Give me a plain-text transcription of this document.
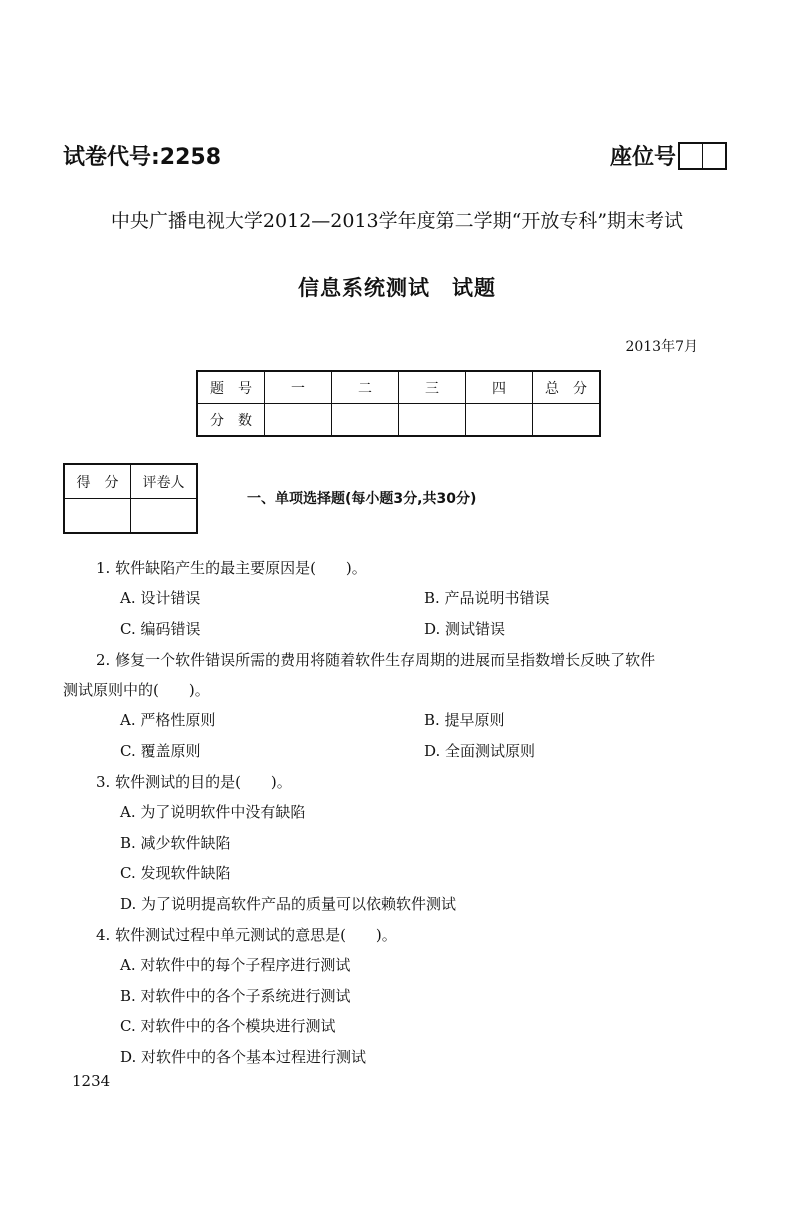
试卷代号:2258	座位号
中央广播电视大学2012—2013学年度第二学期“开放专科”期末考试
信息系统测试　试题
2013年7月
题　号	一	二	三	四	总　分
分　数					
得　分	评卷人

一、单项选择题(每小题3分,共30分)
1. 软件缺陷产生的最主要原因是(　　)。
A. 设计错误	B. 产品说明书错误
C. 编码错误	D. 测试错误
2. 修复一个软件错误所需的费用将随着软件生存周期的进展而呈指数增长反映了软件
测试原则中的(　　)。
A. 严格性原则	B. 提早原则
C. 覆盖原则	D. 全面测试原则
3. 软件测试的目的是(　　)。
A. 为了说明软件中没有缺陷
B. 减少软件缺陷
C. 发现软件缺陷
D. 为了说明提高软件产品的质量可以依赖软件测试
4. 软件测试过程中单元测试的意思是(　　)。
A. 对软件中的每个子程序进行测试
B. 对软件中的各个子系统进行测试
C. 对软件中的各个模块进行测试
D. 对软件中的各个基本过程进行测试
1234
